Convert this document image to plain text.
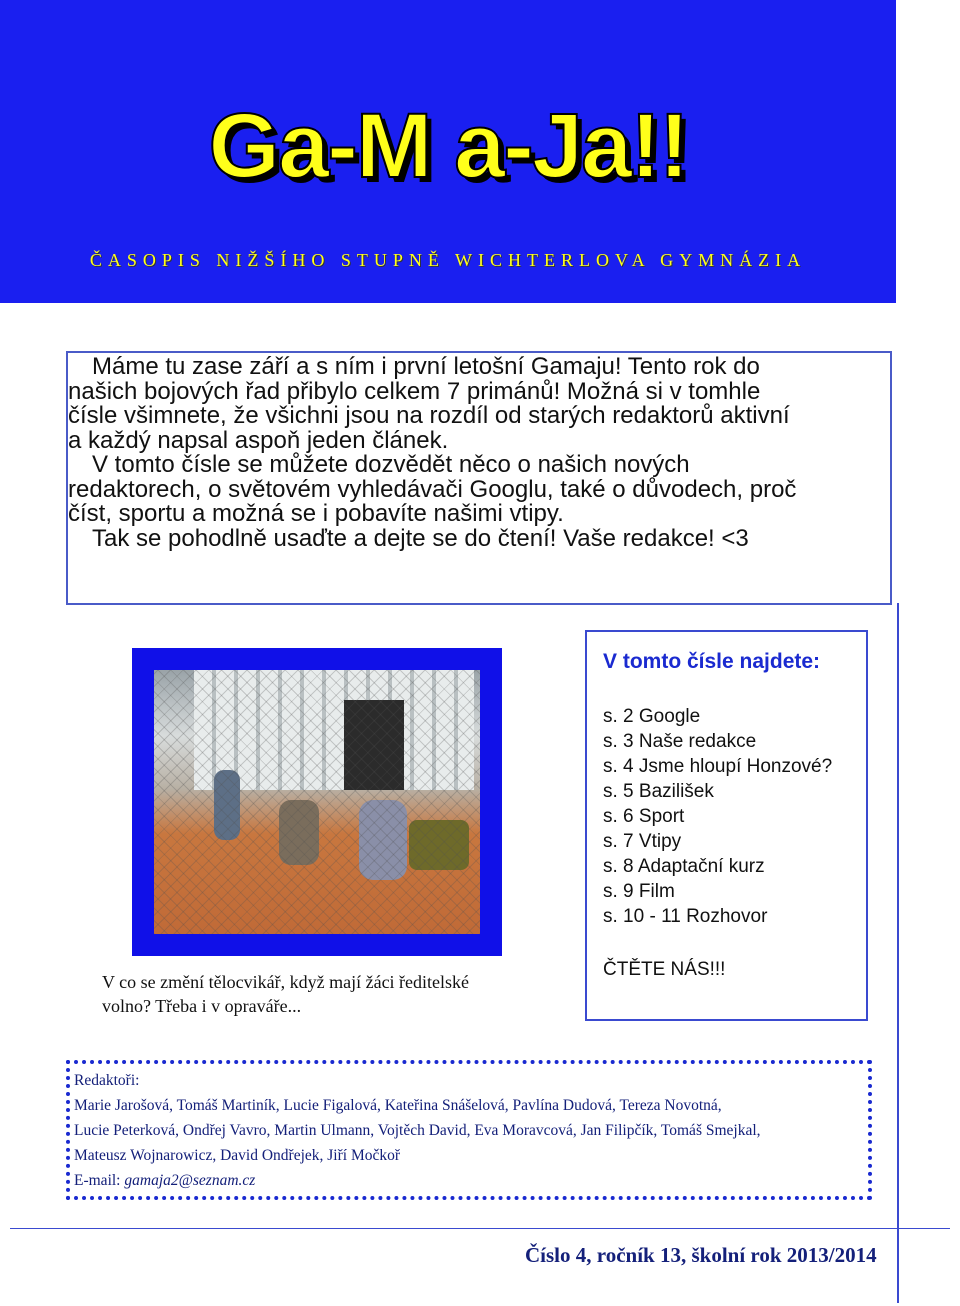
Ga-M a-Ja!!
ČASOPIS NIŽŠÍHO STUPNĚ WICHTERLOVA GYMNÁZIA

Máme tu zase září a s ním i první letošní Gamaju! Tento rok do

našich bojových řad přibylo celkem 7 primánů! Možná si v tomhle

čísle všimnete, že všichni jsou na rozdíl od starých redaktorů aktivní

a každý napsal aspoň jeden článek.

V tomto čísle se můžete dozvědět něco o našich nových

redaktorech, o světovém vyhledávači Googlu, také o důvodech, proč

číst, sportu a možná se i pobavíte našimi vtipy.

Tak se pohodlně usaďte a dejte se do čtení! Vaše redakce! <3

V co se změní tělocvikář, když mají žáci ředitelské
volno? Třeba i v opraváře...
V tomto čísle najdete:
s. 2 Google
s. 3 Naše redakce
s. 4 Jsme hloupí Honzové?
s. 5 Bazilišek
s. 6 Sport
s. 7 Vtipy
s. 8 Adaptační kurz
s. 9 Film
s. 10 - 11 Rozhovor
ČTĚTE NÁS!!!
Redaktoři:
Marie Jarošová, Tomáš Martiník, Lucie Figalová, Kateřina Snášelová, Pavlína Dudová, Tereza Novotná,
Lucie Peterková, Ondřej Vavro, Martin Ulmann, Vojtěch David, Eva Moravcová, Jan Filipčík, Tomáš Smejkal,
Mateusz Wojnarowicz, David Ondřejek, Jiří Močkoř
E-mail: gamaja2@seznam.cz
Číslo 4, ročník 13, školní rok 2013/2014
